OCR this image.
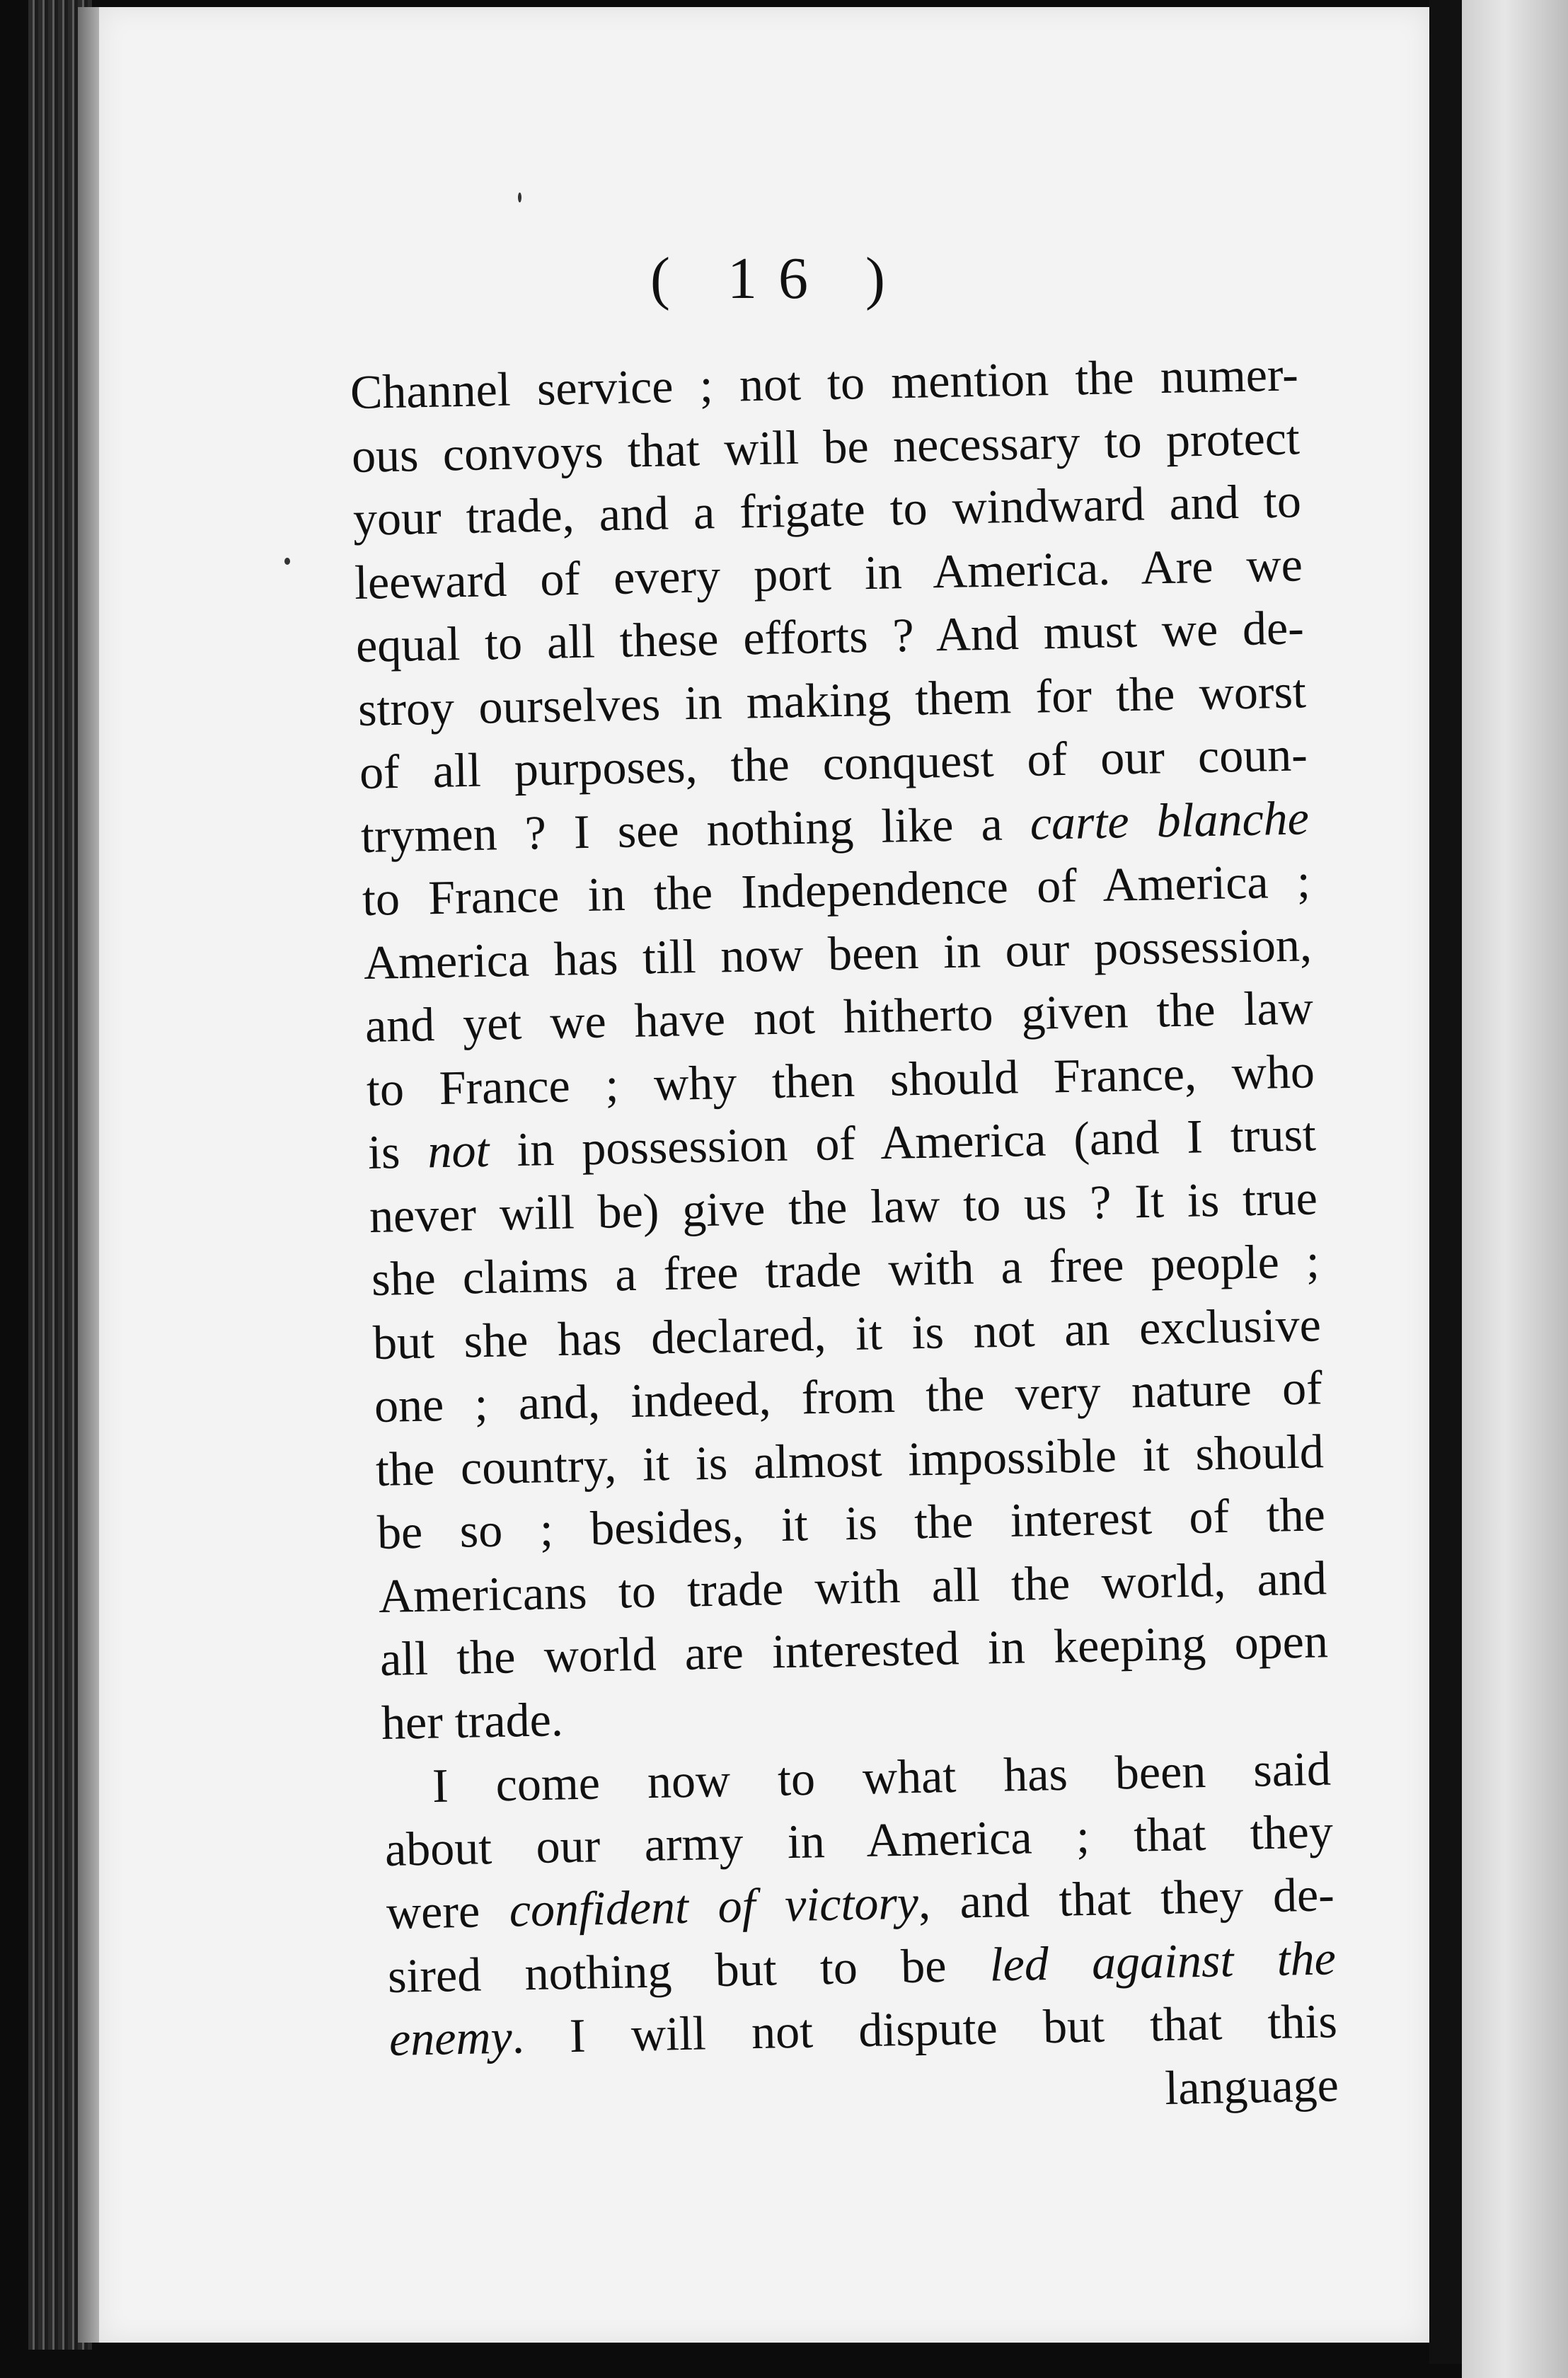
( 16 )
Channel service ; not to mention the numer-
ous convoys that will be necessary to protect
your trade, and a frigate to windward and to
leeward of every port in America. Are we
equal to all these efforts ? And must we de-
stroy ourselves in making them for the worst
of all purposes, the conquest of our coun-
trymen ? I see nothing like a carte blanche
to France in the Independence of America ;
America has till now been in our possession,
and yet we have not hitherto given the law
to France ; why then should France, who
is not in possession of America (and I trust
never will be) give the law to us ? It is true
she claims a free trade with a free people ;
but she has declared, it is not an exclusive
one ; and, indeed, from the very nature of
the country, it is almost impossible it should
be so ; besides, it is the interest of the
Americans to trade with all the world, and
all the world are interested in keeping open
her trade.
I come now to what has been said
about our army in America ; that they
were confident of victory, and that they de-
sired nothing but to be led against the
enemy. I will not dispute but that this
language
